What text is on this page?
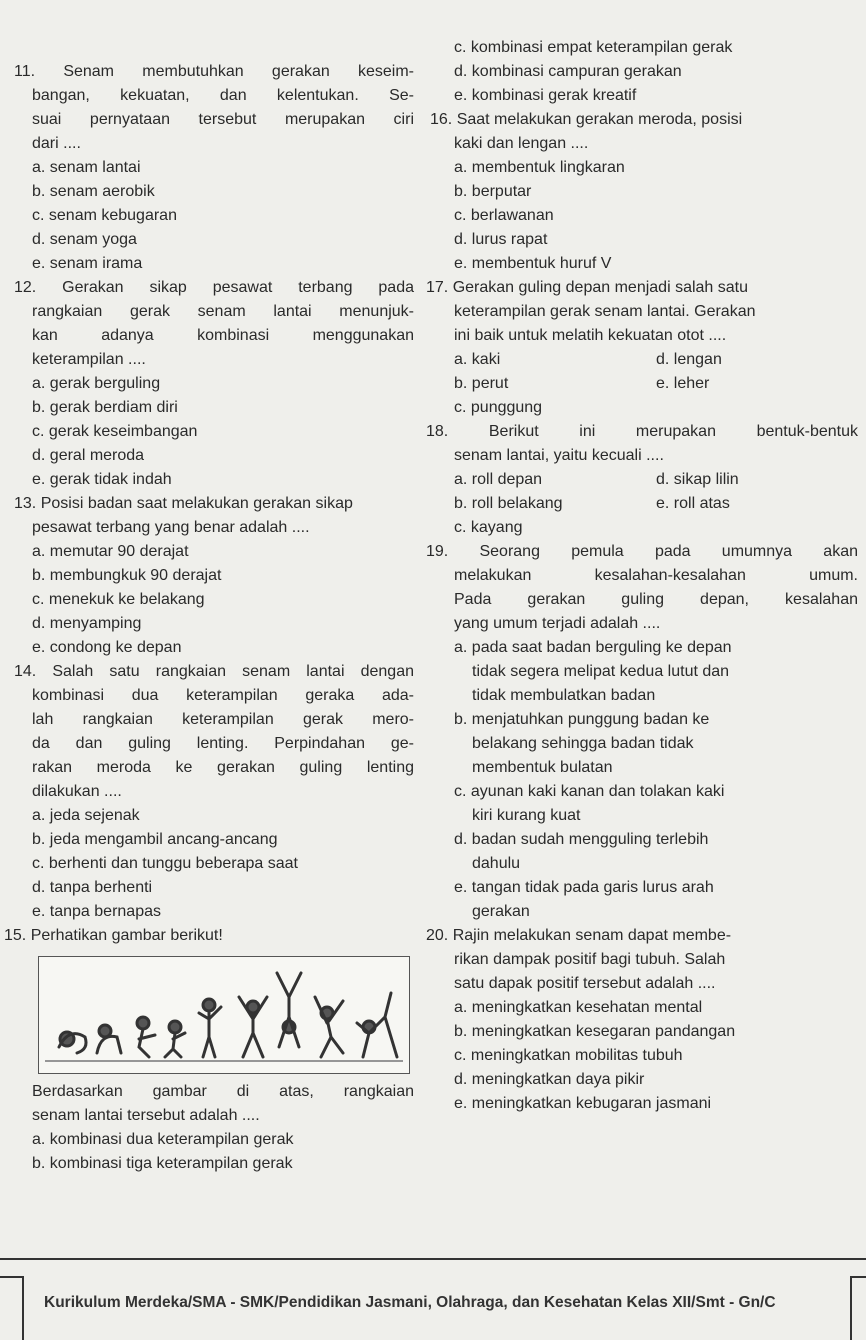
11. Senam membutuhkan gerakan keseim-
bangan, kekuatan, dan kelentukan. Se-
suai pernyataan tersebut merupakan ciri
dari ....
a. senam lantai
b. senam aerobik
c. senam kebugaran
d. senam yoga
e. senam irama
12. Gerakan sikap pesawat terbang pada
rangkaian gerak senam lantai menunjuk-
kan adanya kombinasi menggunakan
keterampilan ....
a. gerak berguling
b. gerak berdiam diri
c. gerak keseimbangan
d. geral meroda
e. gerak tidak indah
13. Posisi badan saat melakukan gerakan sikap
pesawat terbang yang benar adalah ....
a. memutar 90 derajat
b. membungkuk 90 derajat
c. menekuk ke belakang
d. menyamping
e. condong ke depan
14. Salah satu rangkaian senam lantai dengan
kombinasi dua keterampilan geraka ada-
lah rangkaian keterampilan gerak mero-
da dan guling lenting. Perpindahan ge-
rakan meroda ke gerakan guling lenting
dilakukan ....
a. jeda sejenak
b. jeda mengambil ancang-ancang
c. berhenti dan tunggu beberapa saat
d. tanpa berhenti
e. tanpa bernapas
15. Perhatikan gambar berikut!
Berdasarkan gambar di atas, rangkaian
senam lantai tersebut adalah ....
a. kombinasi dua keterampilan gerak
b. kombinasi tiga keterampilan gerak
c. kombinasi empat keterampilan gerak
d. kombinasi campuran gerakan
e. kombinasi gerak kreatif
16. Saat melakukan gerakan meroda, posisi
kaki dan lengan ....
a. membentuk lingkaran
b. berputar
c. berlawanan
d. lurus rapat
e. membentuk huruf V
17. Gerakan guling depan menjadi salah satu
keterampilan gerak senam lantai. Gerakan
ini baik untuk melatih kekuatan otot ....
a. kaki
b. perut
c. punggung
d. lengan
e. leher
18. Berikut ini merupakan bentuk-bentuk
senam lantai, yaitu kecuali ....
a. roll depan
b. roll belakang
c. kayang
d. sikap lilin
e. roll atas
19. Seorang pemula pada umumnya akan
melakukan kesalahan-kesalahan umum.
Pada gerakan guling depan, kesalahan
yang umum terjadi adalah ....
a. pada saat badan berguling ke depan
tidak segera melipat kedua lutut dan
tidak membulatkan badan
b. menjatuhkan punggung badan ke
belakang sehingga badan tidak
membentuk bulatan
c. ayunan kaki kanan dan tolakan kaki
kiri kurang kuat
d. badan sudah mengguling terlebih
dahulu
e. tangan tidak pada garis lurus arah
gerakan
20. Rajin melakukan senam dapat membe-
rikan dampak positif bagi tubuh. Salah
satu dapak positif tersebut adalah ....
a. meningkatkan kesehatan mental
b. meningkatkan kesegaran pandangan
c. meningkatkan mobilitas tubuh
d. meningkatkan daya pikir
e. meningkatkan kebugaran jasmani
Kurikulum Merdeka/SMA - SMK/Pendidikan Jasmani, Olahraga, dan Kesehatan Kelas XII/Smt - Gn/C
